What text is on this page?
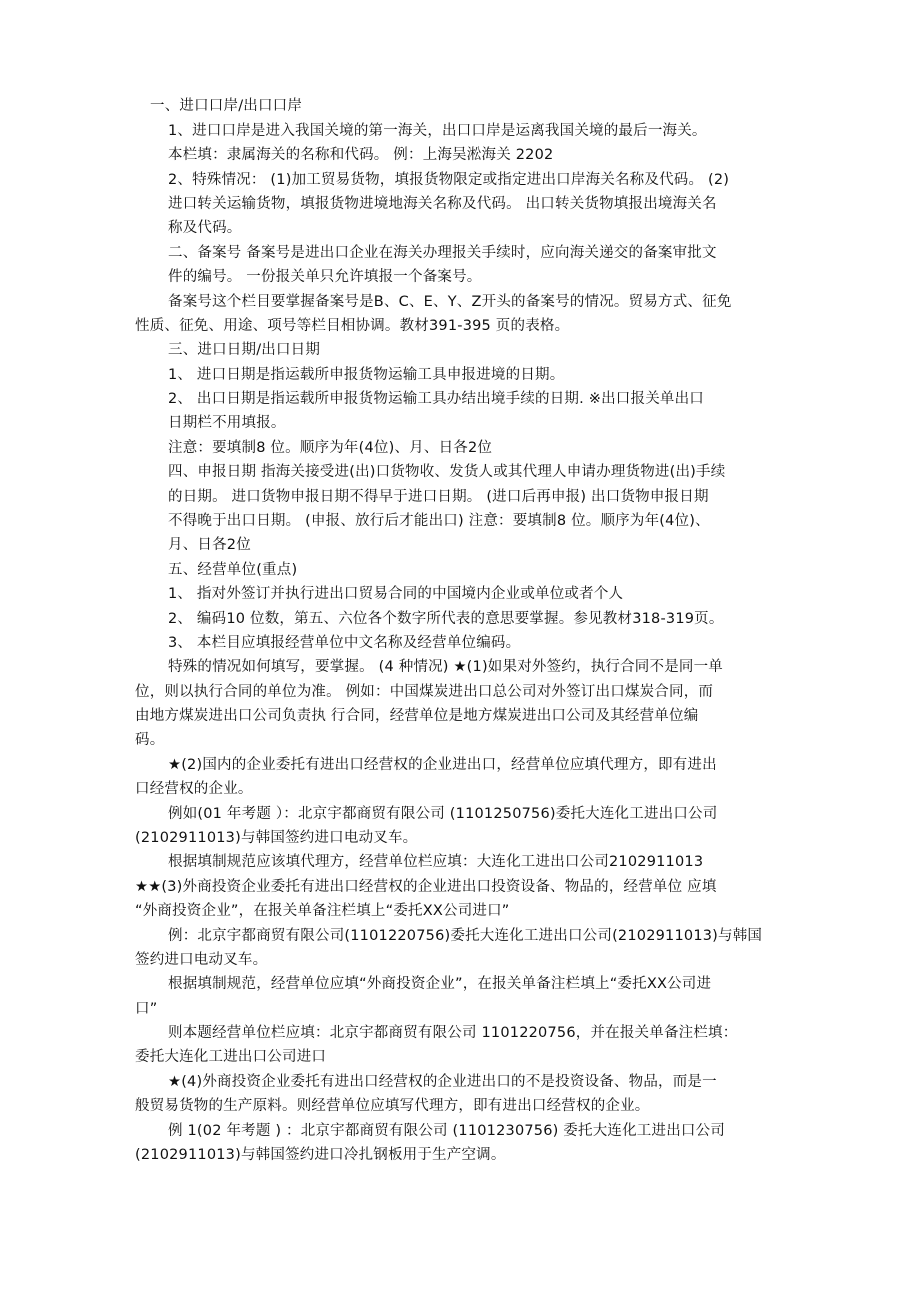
一、进口口岸/出口口岸
1、进口口岸是进入我国关境的第一海关，出口口岸是运离我国关境的最后一海关。
本栏填：隶属海关的名称和代码。 例：上海吴淞海关 2202
2、特殊情况： (1)加工贸易货物，填报货物限定或指定进出口岸海关名称及代码。 (2)
进口转关运输货物，填报货物进境地海关名称及代码。 出口转关货物填报出境海关名
称及代码。
二、备案号 备案号是进出口企业在海关办理报关手续时，应向海关递交的备案审批文
件的编号。 一份报关单只允许填报一个备案号。
备案号这个栏目要掌握备案号是B、C、E、Y、Z开头的备案号的情况。贸易方式、征免
性质、征免、用途、项号等栏目相协调。教材391-395 页的表格。
三、进口日期/出口日期
1、 进口日期是指运载所申报货物运输工具申报进境的日期。
2、 出口日期是指运载所申报货物运输工具办结出境手续的日期. ※出口报关单出口
日期栏不用填报。
注意：要填制8 位。顺序为年(4位)、月、日各2位
四、申报日期 指海关接受进(出)口货物收、发货人或其代理人申请办理货物进(出)手续
的日期。 进口货物申报日期不得早于进口日期。 (进口后再申报) 出口货物申报日期
不得晚于出口日期。 (申报、放行后才能出口) 注意：要填制8 位。顺序为年(4位)、
月、日各2位
五、经营单位(重点)
1、 指对外签订并执行进出口贸易合同的中国境内企业或单位或者个人
2、 编码10 位数，第五、六位各个数字所代表的意思要掌握。参见教材318-319页。
3、 本栏目应填报经营单位中文名称及经营单位编码。
特殊的情况如何填写，要掌握。 (4 种情况) ★(1)如果对外签约，执行合同不是同一单
位，则以执行合同的单位为准。 例如：中国煤炭进出口总公司对外签订出口煤炭合同，而
由地方煤炭进出口公司负责执 行合同，经营单位是地方煤炭进出口公司及其经营单位编
码。
★(2)国内的企业委托有进出口经营权的企业进出口，经营单位应填代理方，即有进出
口经营权的企业。
例如(01 年考题 ）：北京宇都商贸有限公司 (1101250756)委托大连化工进出口公司
(2102911013)与韩国签约进口电动叉车。
根据填制规范应该填代理方，经营单位栏应填：大连化工进出口公司2102911013
★★(3)外商投资企业委托有进出口经营权的企业进出口投资设备、物品的，经营单位 应填
“外商投资企业”，在报关单备注栏填上“委托XX公司进口”
例：北京宇都商贸有限公司(1101220756)委托大连化工进出口公司(2102911013)与韩国
签约进口电动叉车。
根据填制规范，经营单位应填“外商投资企业”，在报关单备注栏填上“委托XX公司进
口”
则本题经营单位栏应填：北京宇都商贸有限公司 1101220756，并在报关单备注栏填：
委托大连化工进出口公司进口
★(4)外商投资企业委托有进出口经营权的企业进出口的不是投资设备、物品，而是一
般贸易货物的生产原料。则经营单位应填写代理方，即有进出口经营权的企业。
例 1(02 年考题 ) ：北京宇都商贸有限公司 (1101230756) 委托大连化工进出口公司
(2102911013)与韩国签约进口冷扎钢板用于生产空调。
